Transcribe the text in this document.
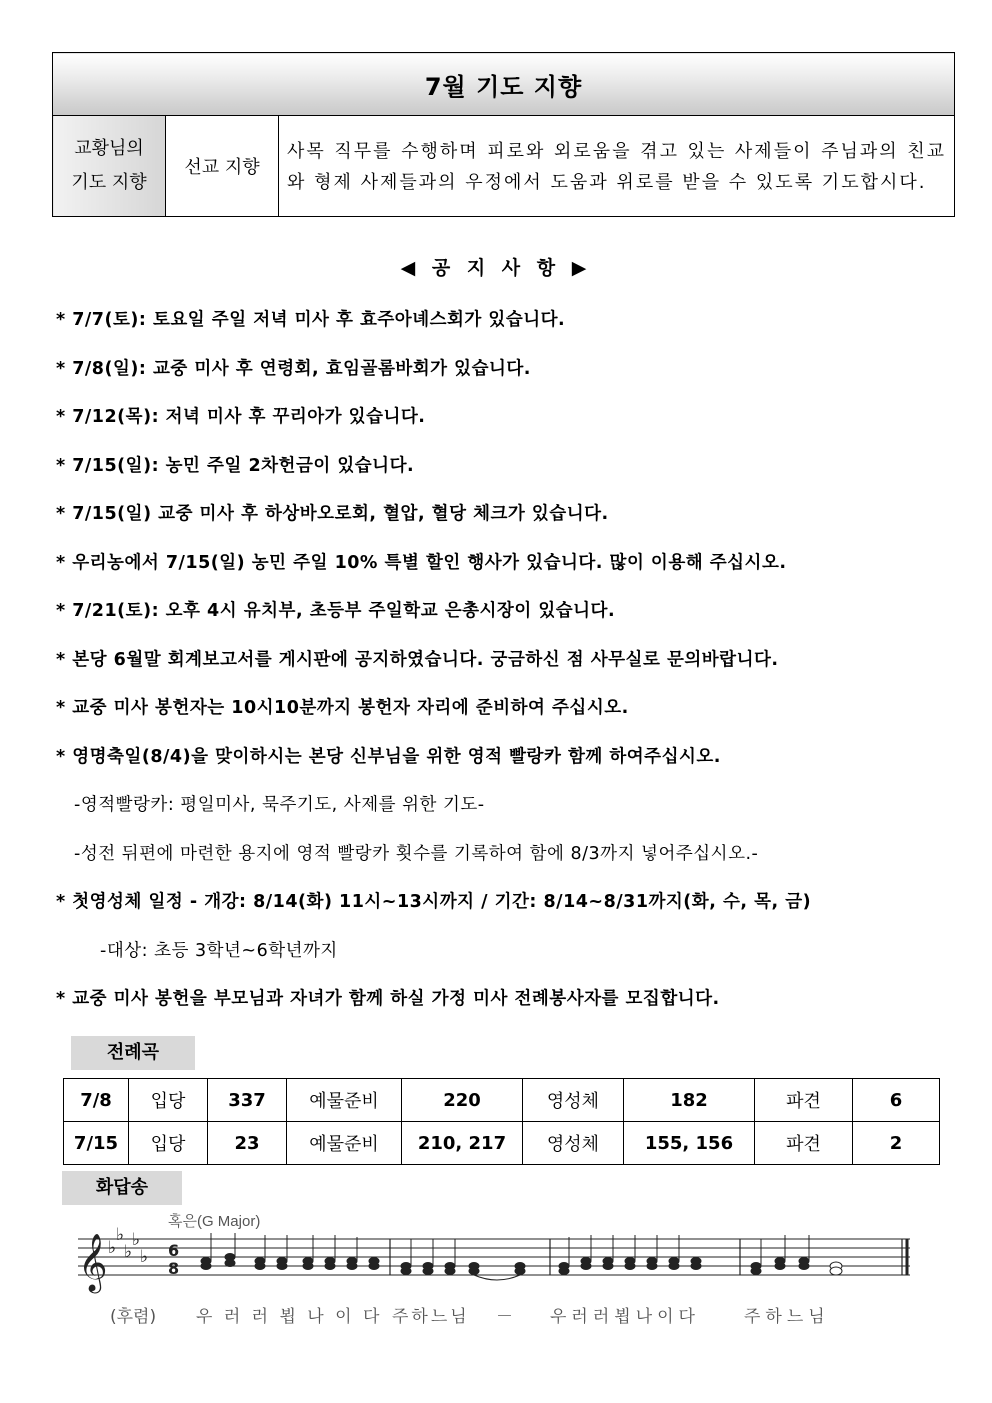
7월 기도 지향

교황님의
기도 지향
	선교 지향	사목 직무를 수행하며 피로와 외로움을 겪고 있는 사제들이 주님과의 친교와 형제 사제들과의 우정에서 도움과 위로를 받을 수 있도록 기도합시다.
◀ 공 지 사 항 ▶
* 7/7(토): 토요일 주일 저녁 미사 후 효주아녜스회가 있습니다.
* 7/8(일): 교중 미사 후 연령회, 효임골롬바회가 있습니다.
* 7/12(목): 저녁 미사 후 꾸리아가 있습니다.
* 7/15(일): 농민 주일 2차헌금이 있습니다.
* 7/15(일) 교중 미사 후 하상바오로회, 혈압, 혈당 체크가 있습니다.
* 우리농에서 7/15(일) 농민 주일 10% 특별 할인 행사가 있습니다. 많이 이용해 주십시오.
* 7/21(토): 오후 4시 유치부, 초등부 주일학교 은총시장이 있습니다.
* 본당 6월말 회계보고서를 게시판에 공지하였습니다. 궁금하신 점 사무실로 문의바랍니다.
* 교중 미사 봉헌자는 10시10분까지 봉헌자 자리에 준비하여 주십시오.
* 영명축일(8/4)을 맞이하시는 본당 신부님을 위한 영적 빨랑카 함께 하여주십시오.
-영적빨랑카: 평일미사, 묵주기도, 사제를 위한 기도-
-성전 뒤편에 마련한 용지에 영적 빨랑카 횟수를 기록하여 함에 8/3까지 넣어주십시오.-
* 첫영성체 일정 - 개강: 8/14(화) 11시~13시까지 / 기간: 8/14~8/31까지(화, 수, 목, 금)
-대상: 초등 3학년~6학년까지
* 교중 미사 봉헌을 부모님과 자녀가 함께 하실 가정 미사 전례봉사자를 모집합니다.
전례곡
7/8	입당	337	예물준비	220	영성체	182	파견	6
7/15	입당	23	예물준비	210, 217	영성체	155, 156	파견	2
화답송
혹은(G Major)
𝄞 ♭
♭
♭
♭
♭ 6
8
(후렴) 우 러 러 뵙 나 이 다 주하느님 － 우러러뵙나이다	주하느님
